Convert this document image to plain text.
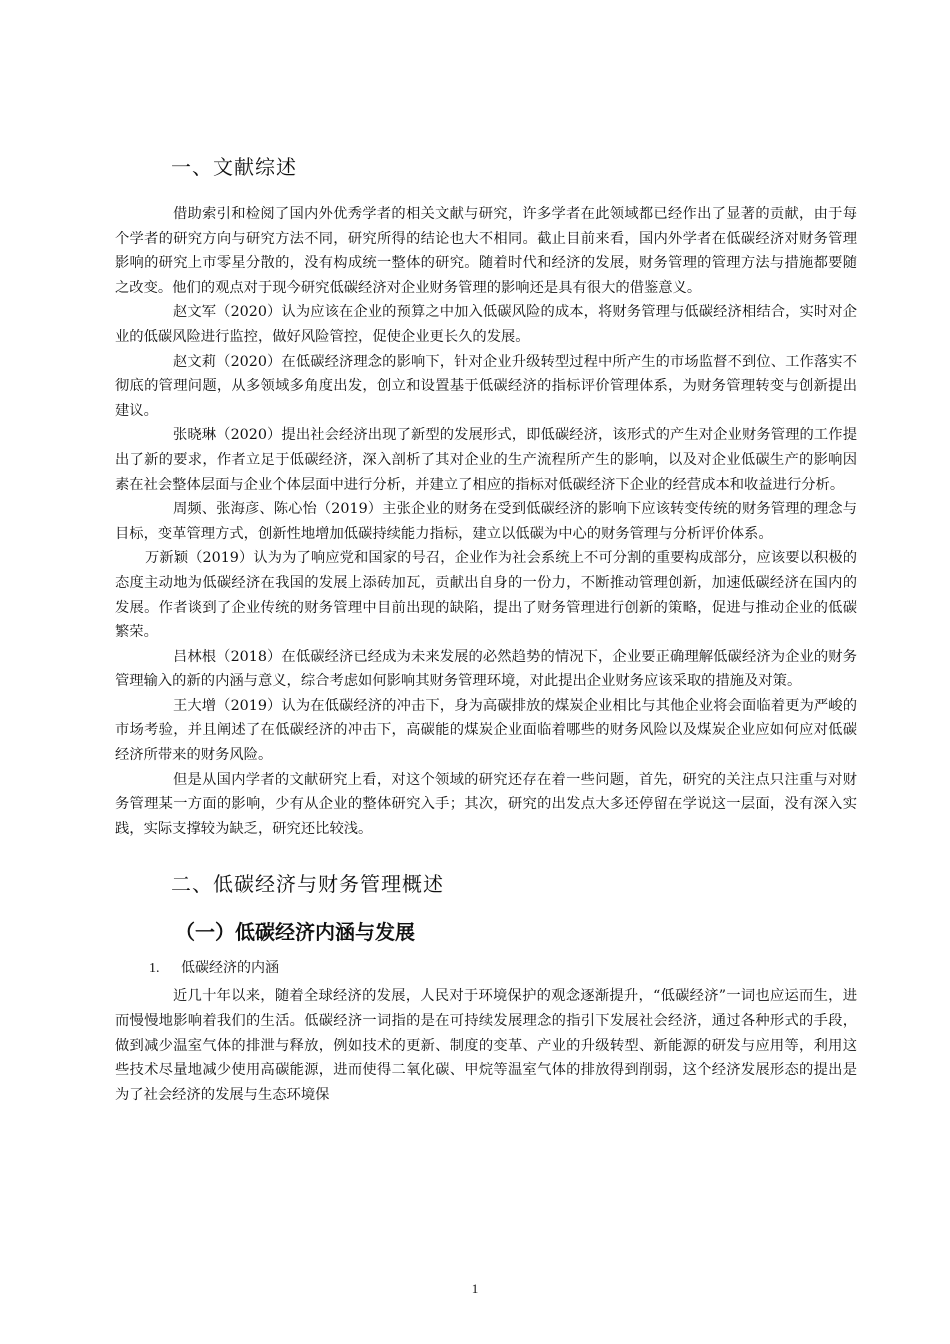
一、文献综述

借助索引和检阅了国内外优秀学者的相关文献与研究，许多学者在此领域都已经作出了显著的贡献，由于每个学者的研究方向与研究方法不同，研究所得的结论也大不相同。截止目前来看，国内外学者在低碳经济对财务管理影响的研究上市零星分散的，没有构成统一整体的研究。随着时代和经济的发展，财务管理的管理方法与措施都要随之改变。他们的观点对于现今研究低碳经济对企业财务管理的影响还是具有很大的借鉴意义。

赵文军（2020）认为应该在企业的预算之中加入低碳风险的成本，将财务管理与低碳经济相结合，实时对企业的低碳风险进行监控，做好风险管控，促使企业更长久的发展。

赵文莉（2020）在低碳经济理念的影响下，针对企业升级转型过程中所产生的市场监督不到位、工作落实不彻底的管理问题，从多领域多角度出发，创立和设置基于低碳经济的指标评价管理体系，为财务管理转变与创新提出建议。

张晓琳（2020）提出社会经济出现了新型的发展形式，即低碳经济，该形式的产生对企业财务管理的工作提出了新的要求，作者立足于低碳经济，深入剖析了其对企业的生产流程所产生的影响，以及对企业低碳生产的影响因素在社会整体层面与企业个体层面中进行分析，并建立了相应的指标对低碳经济下企业的经营成本和收益进行分析。

周频、张海彦、陈心怡（2019）主张企业的财务在受到低碳经济的影响下应该转变传统的财务管理的理念与目标，变革管理方式，创新性地增加低碳持续能力指标，建立以低碳为中心的财务管理与分析评价体系。

万新颖（2019）认为为了响应党和国家的号召，企业作为社会系统上不可分割的重要构成部分，应该要以积极的态度主动地为低碳经济在我国的发展上添砖加瓦，贡献出自身的一份力，不断推动管理创新，加速低碳经济在国内的发展。作者谈到了企业传统的财务管理中目前出现的缺陷，提出了财务管理进行创新的策略，促进与推动企业的低碳繁荣。

吕林根（2018）在低碳经济已经成为未来发展的必然趋势的情况下，企业要正确理解低碳经济为企业的财务管理输入的新的内涵与意义，综合考虑如何影响其财务管理环境，对此提出企业财务应该采取的措施及对策。

王大增（2019）认为在低碳经济的冲击下，身为高碳排放的煤炭企业相比与其他企业将会面临着更为严峻的市场考验，并且阐述了在低碳经济的冲击下，高碳能的煤炭企业面临着哪些的财务风险以及煤炭企业应如何应对低碳经济所带来的财务风险。

但是从国内学者的文献研究上看，对这个领域的研究还存在着一些问题，首先，研究的关注点只注重与对财务管理某一方面的影响，少有从企业的整体研究入手；其次，研究的出发点大多还停留在学说这一层面，没有深入实践，实际支撑较为缺乏，研究还比较浅。

二、低碳经济与财务管理概述
（一）低碳经济内涵与发展
1. 低碳经济的内涵

近几十年以来，随着全球经济的发展，人民对于环境保护的观念逐渐提升，“低碳经济”一词也应运而生，进而慢慢地影响着我们的生活。低碳经济一词指的是在可持续发展理念的指引下发展社会经济，通过各种形式的手段，做到减少温室气体的排泄与释放，例如技术的更新、制度的变革、产业的升级转型、新能源的研发与应用等，利用这些技术尽量地减少使用高碳能源，进而使得二氧化碳、甲烷等温室气体的排放得到削弱，这个经济发展形态的提出是为了社会经济的发展与生态环境保

1
